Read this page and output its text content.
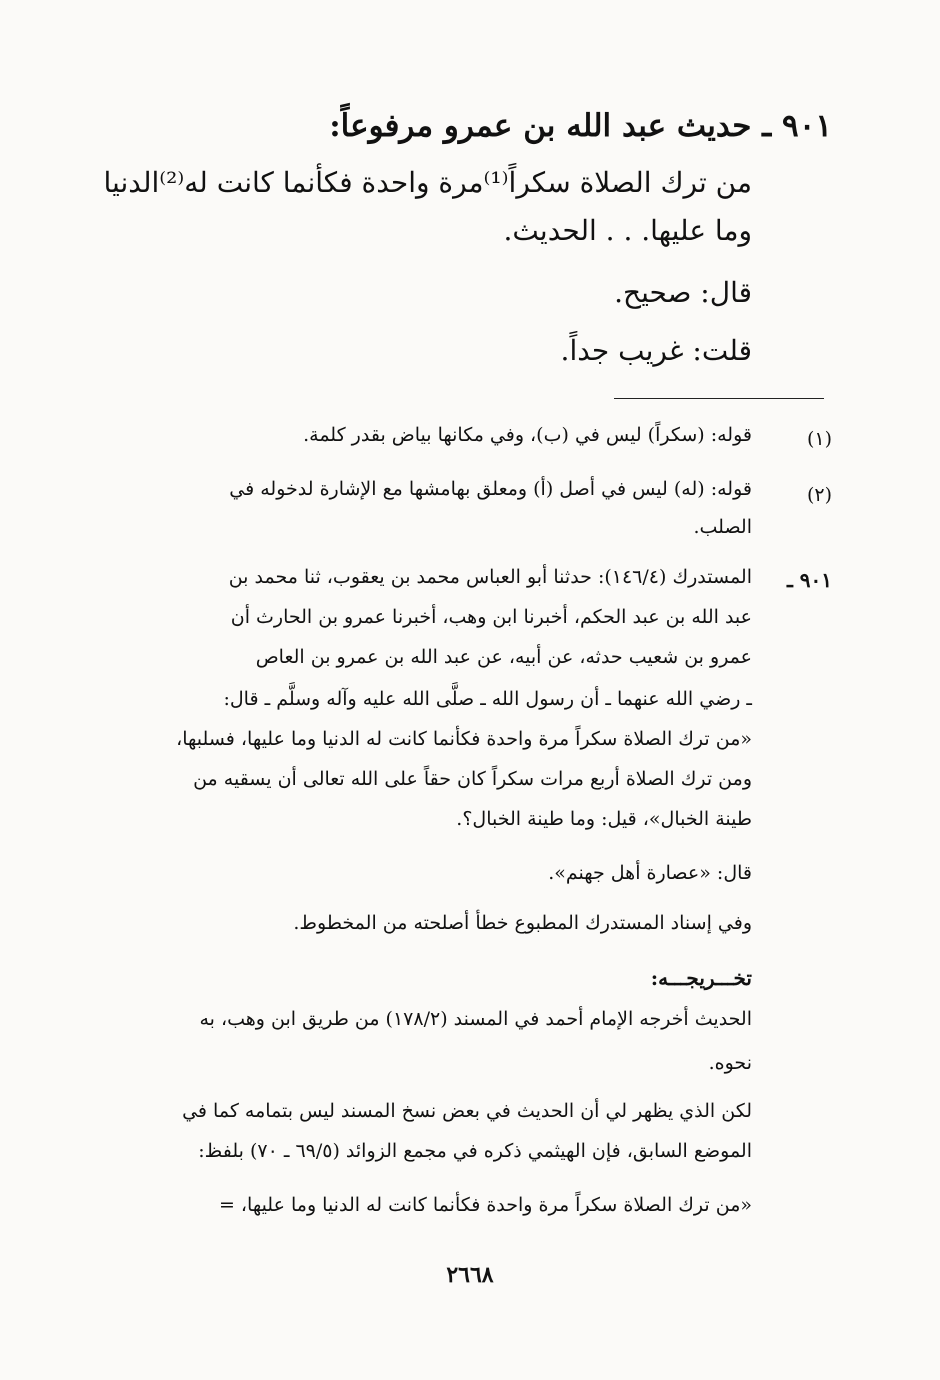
٩٠١ ـ حديث عبد الله بن عمرو مرفوعاً:
من ترك الصلاة سكراً⁽¹⁾مرة واحدة فكأنما كانت له⁽²⁾الدنيا
وما عليها. . . الحديث.
قال: صحيح.
قلت: غريب جداً.
(١)
قوله: (سكراً) ليس في (ب)، وفي مكانها بياض بقدر كلمة.
(٢)
قوله: (له) ليس في أصل (أ) ومعلق بهامشها مع الإشارة لدخوله في
الصلب.
٩٠١ ـ
المستدرك (١٤٦/٤): حدثنا أبو العباس محمد بن يعقوب، ثنا محمد بن
عبد الله بن عبد الحكم، أخبرنا ابن وهب، أخبرنا عمرو بن الحارث أن
عمرو بن شعيب حدثه، عن أبيه، عن عبد الله بن عمرو بن العاص
ـ رضي الله عنهما ـ أن رسول الله ـ صلَّى الله عليه وآله وسلَّم ـ قال:
«من ترك الصلاة سكراً مرة واحدة فكأنما كانت له الدنيا وما عليها، فسلبها،
ومن ترك الصلاة أربع مرات سكراً كان حقاً على الله تعالى أن يسقيه من
طينة الخبال»، قيل: وما طينة الخبال؟.
قال: «عصارة أهل جهنم».
وفي إسناد المستدرك المطبوع خطأ أصلحته من المخطوط.
تخـــريجـــه:
الحديث أخرجه الإمام أحمد في المسند (١٧٨/٢) من طريق ابن وهب، به
نحوه.
لكن الذي يظهر لي أن الحديث في بعض نسخ المسند ليس بتمامه كما في
الموضع السابق، فإن الهيثمي ذكره في مجمع الزوائد (٦٩/٥ ـ ٧٠) بلفظ:
«من ترك الصلاة سكراً مرة واحدة فكأنما كانت له الدنيا وما عليها، =
٢٦٦٨
